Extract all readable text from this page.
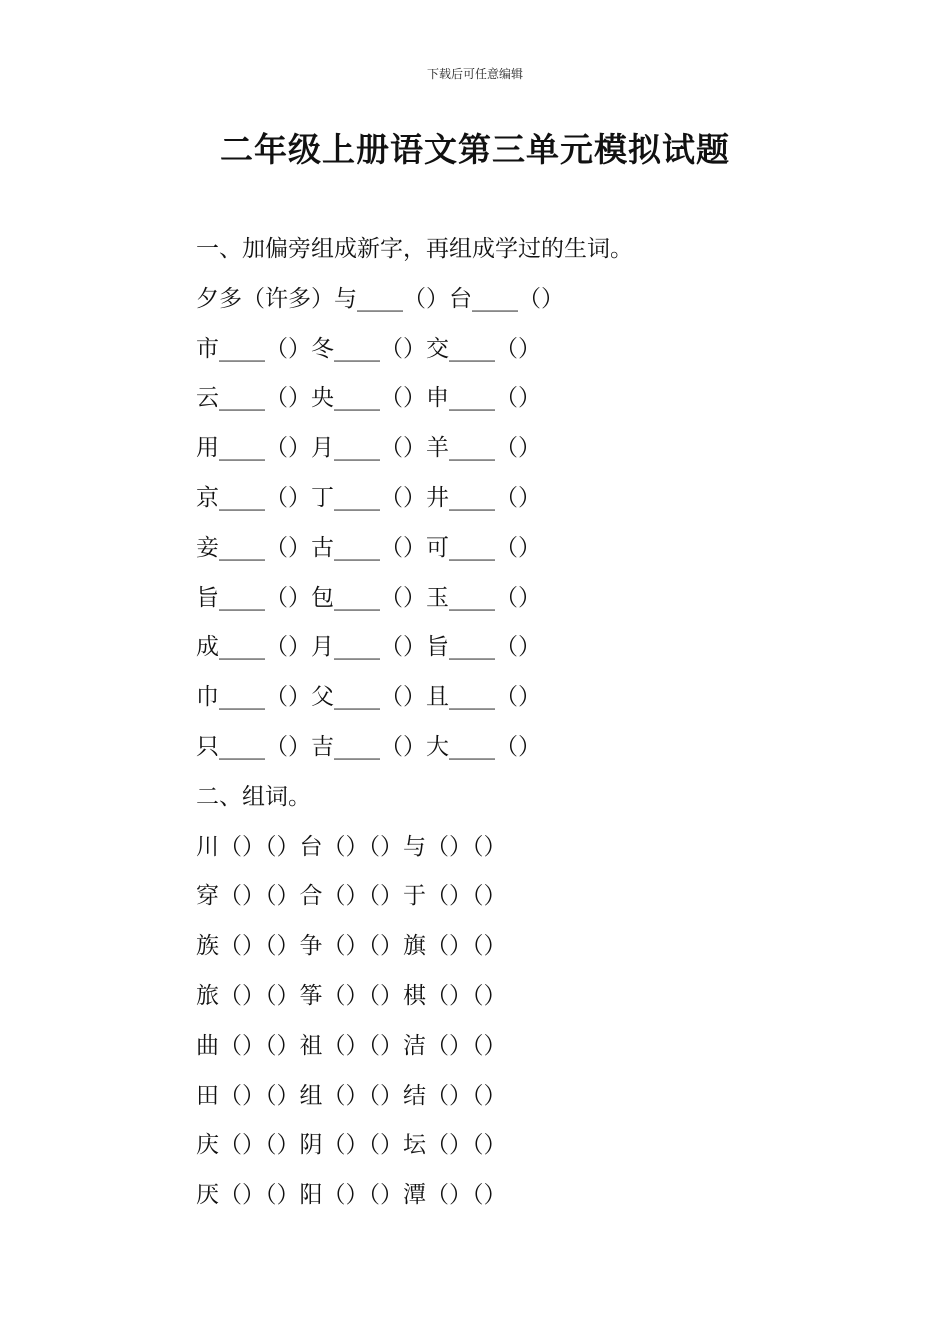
下载后可任意编辑
二年级上册语文第三单元模拟试题
一、加偏旁组成新字，再组成学过的生词。
夕多（许多）与____（）台____（）
市____（）冬____（）交____（）
云____（）央____（）申____（）
用____（）月____（）羊____（）
京____（）丁____（）井____（）
妾____（）古____（）可____（）
旨____（）包____（）玉____（）
成____（）月____（）旨____（）
巾____（）父____（）且____（）
只____（）吉____（）大____（）
二、组词。
川（）（）台（）（）与（）（）
穿（）（）合（）（）于（）（）
族（）（）争（）（）旗（）（）
旅（）（）筝（）（）棋（）（）
曲（）（）祖（）（）洁（）（）
田（）（）组（）（）结（）（）
庆（）（）阴（）（）坛（）（）
厌（）（）阳（）（）潭（）（）
